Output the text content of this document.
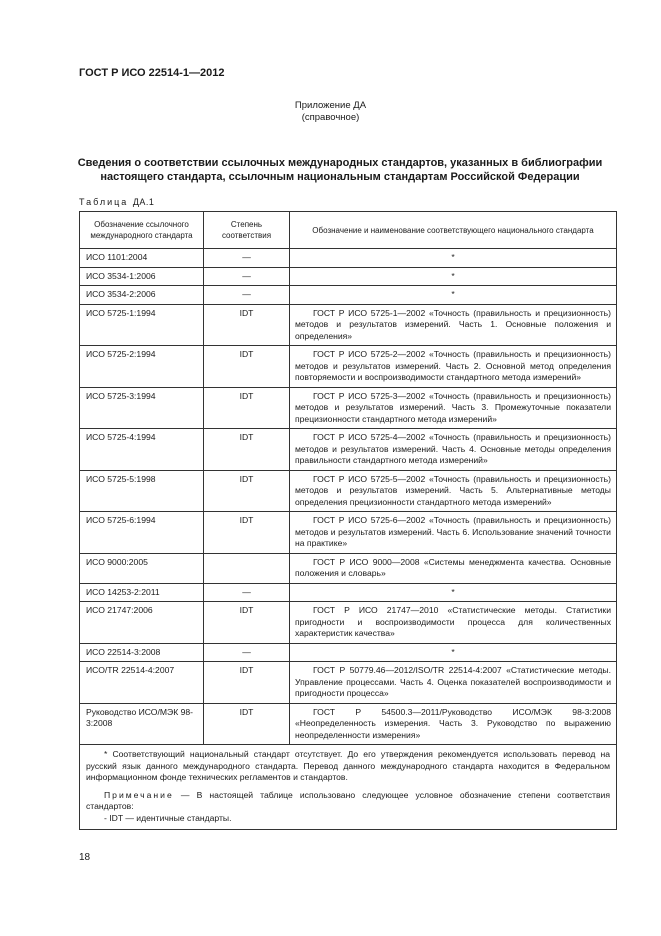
ГОСТ Р ИСО 22514-1—2012
Приложение ДА
(справочное)
Сведения о соответствии ссылочных международных стандартов, указанных в библиографии настоящего стандарта, ссылочным национальным стандартам Российской Федерации
Таблица ДА.1
Обозначение ссылочного международного стандарта	Степень соответствия	Обозначение и наименование соответствующего национального стандарта
ИСО 1101:2004	—	*
ИСО 3534-1:2006	—	*
ИСО 3534-2:2006	—	*
ИСО 5725-1:1994	IDT	ГОСТ Р ИСО 5725-1—2002 «Точность (правильность и прецизионность) методов и результатов измерений. Часть 1. Основные положения и определения»
ИСО 5725-2:1994	IDT	ГОСТ Р ИСО 5725-2—2002 «Точность (правильность и прецизионность) методов и результатов измерений. Часть 2. Основной метод определения повторяемости и воспроизводимости стандартного метода измерений»
ИСО 5725-3:1994	IDT	ГОСТ Р ИСО 5725-3—2002 «Точность (правильность и прецизионность) методов и результатов измерений. Часть 3. Промежуточные показатели прецизионности стандартного метода измерений»
ИСО 5725-4:1994	IDT	ГОСТ Р ИСО 5725-4—2002 «Точность (правильность и прецизионность) методов и результатов измерений. Часть 4. Основные методы определения правильности стандартного метода измерений»
ИСО 5725-5:1998	IDT	ГОСТ Р ИСО 5725-5—2002 «Точность (правильность и прецизионность) методов и результатов измерений. Часть 5. Альтернативные методы определения прецизионности стандартного метода измерений»
ИСО 5725-6:1994	IDT	ГОСТ Р ИСО 5725-6—2002 «Точность (правильность и прецизионность) методов и результатов измерений. Часть 6. Использование значений точности на практике»
ИСО 9000:2005		ГОСТ Р ИСО 9000—2008 «Системы менеджмента качества. Основные положения и словарь»
ИСО 14253-2:2011	—	*
ИСО 21747:2006	IDT	ГОСТ Р ИСО 21747—2010 «Статистические методы. Статистики пригодности и воспроизводимости процесса для количественных характеристик качества»
ИСО 22514-3:2008	—	*
ИСО/TR 22514-4:2007	IDT	ГОСТ Р 50779.46—2012/ISO/TR 22514-4:2007 «Статистические методы. Управление процессами. Часть 4. Оценка показателей воспроизводимости и пригодности процесса»
Руководство ИСО/МЭК 98-3:2008	IDT	ГОСТ Р 54500.3—2011/Руководство ИСО/МЭК 98-3:2008 «Неопределенность измерения. Часть 3. Руководство по выражению неопределенности измерения»

* Соответствующий национальный стандарт отсутствует. До его утверждения рекомендуется использовать перевод на русский язык данного международного стандарта. Перевод данного международного стандарта находится в Федеральном информационном фонде технических регламентов и стандартов.

Примечание — В настоящей таблице использовано следующее условное обозначение степени соответствия стандартов:

- IDT — идентичные стандарты.		

18
